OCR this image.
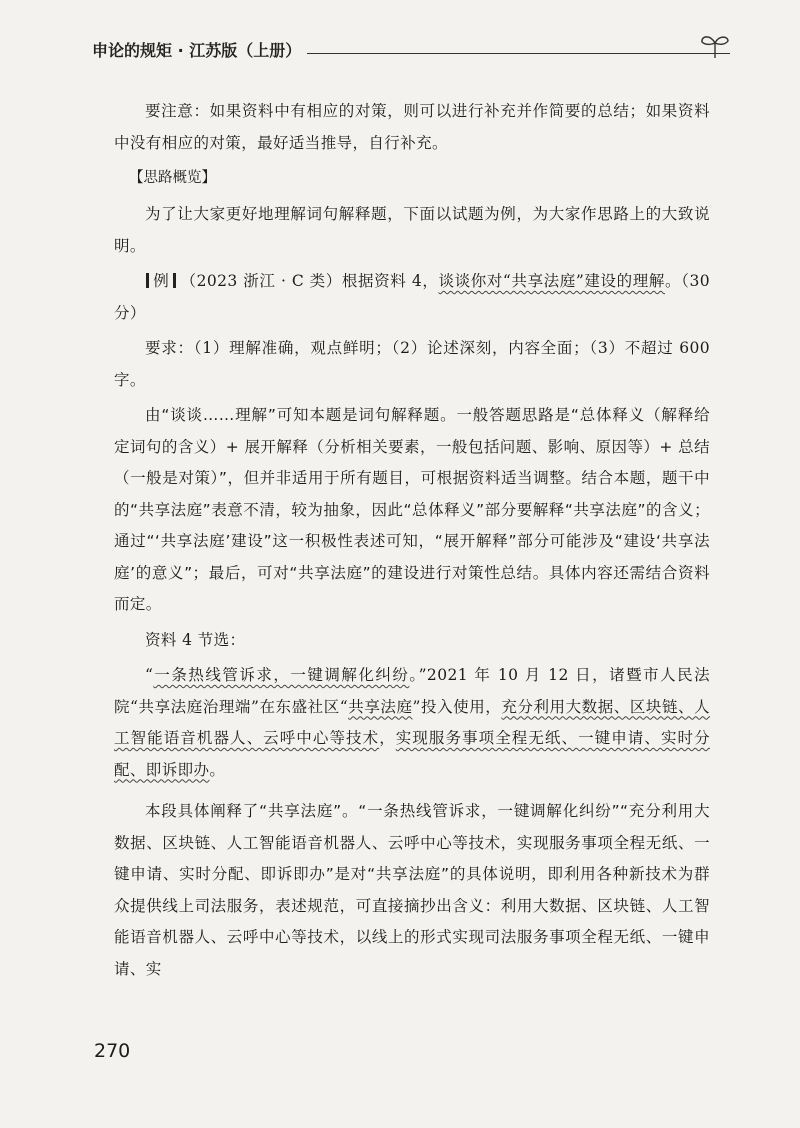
申论的规矩 · 江苏版（上册）

要注意：如果资料中有相应的对策，则可以进行补充并作简要的总结；如果资料中没有相应的对策，最好适当推导，自行补充。

【思路概览】

为了让大家更好地理解词句解释题，下面以试题为例，为大家作思路上的大致说明。

例 （2023 浙江 · C 类）根据资料 4，谈谈你对“共享法庭”建设的理解。（30 分）

要求：（1）理解准确，观点鲜明；（2）论述深刻，内容全面；（3）不超过 600 字。

由“谈谈……理解”可知本题是词句解释题。一般答题思路是“总体释义（解释给定词句的含义）+ 展开解释（分析相关要素，一般包括问题、影响、原因等）+ 总结（一般是对策）”，但并非适用于所有题目，可根据资料适当调整。结合本题，题干中的“共享法庭”表意不清，较为抽象，因此“总体释义”部分要解释“共享法庭”的含义；通过“‘共享法庭’建设”这一积极性表述可知，“展开解释”部分可能涉及“建设‘共享法庭’的意义”；最后，可对“共享法庭”的建设进行对策性总结。具体内容还需结合资料而定。

资料 4 节选：

“一条热线管诉求，一键调解化纠纷。”2021 年 10 月 12 日，诸暨市人民法院“共享法庭治理端”在东盛社区“共享法庭”投入使用，充分利用大数据、区块链、人工智能语音机器人、云呼中心等技术，实现服务事项全程无纸、一键申请、实时分配、即诉即办。

本段具体阐释了“共享法庭”。“一条热线管诉求，一键调解化纠纷”“充分利用大数据、区块链、人工智能语音机器人、云呼中心等技术，实现服务事项全程无纸、一键申请、实时分配、即诉即办”是对“共享法庭”的具体说明，即利用各种新技术为群众提供线上司法服务，表述规范，可直接摘抄出含义：利用大数据、区块链、人工智能语音机器人、云呼中心等技术，以线上的形式实现司法服务事项全程无纸、一键申请、实

270
